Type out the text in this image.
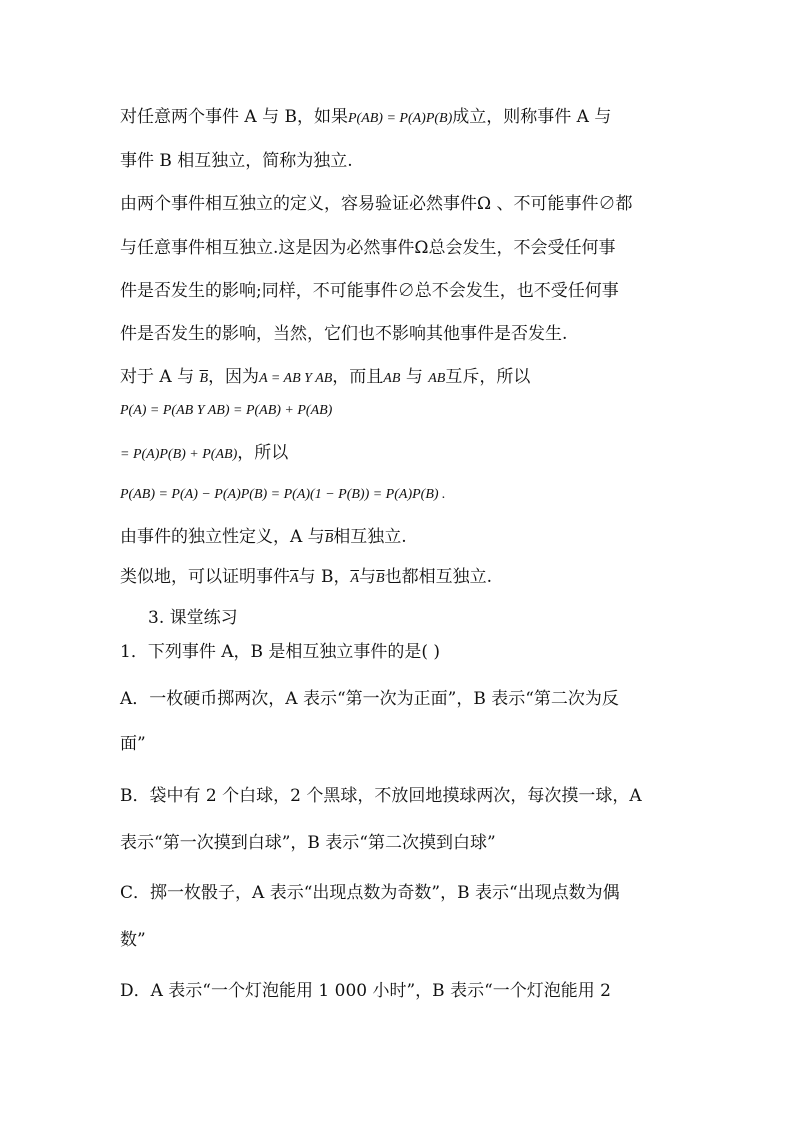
对任意两个事件 A 与 B，如果P(AB) = P(A)P(B)成立，则称事件 A 与
事件 B 相互独立，简称为独立.
由两个事件相互独立的定义，容易验证必然事件Ω 、不可能事件∅都
与任意事件相互独立.这是因为必然事件Ω总会发生，不会受任何事
件是否发生的影响;同样，不可能事件∅总不会发生，也不受任何事
件是否发生的影响，当然，它们也不影响其他事件是否发生.
对于 A 与 $\overline{B}$，因为A = AB Y AB，而且AB 与 AB互斥，所以
P(A) = P(AB Y AB) = P(AB) + P(AB)
= P(A)P(B) + P(AB)，所以
P(AB) = P(A) − P(A)P(B) = P(A)(1 − P(B)) = P(A)P(B) .
由事件的独立性定义，A 与$\overline{B}$相互独立.
类似地，可以证明事件$\overline{A}$与 B，$\overline{A}$与$\overline{B}$也都相互独立.
3. 课堂练习
1．下列事件 A，B 是相互独立事件的是( )
A．一枚硬币掷两次，A 表示“第一次为正面”，B 表示“第二次为反
面”
B．袋中有 2 个白球，2 个黑球，不放回地摸球两次，每次摸一球，A
表示“第一次摸到白球”，B 表示“第二次摸到白球”
C．掷一枚骰子，A 表示“出现点数为奇数”，B 表示“出现点数为偶
数”
D．A 表示“一个灯泡能用 1 000 小时”，B 表示“一个灯泡能用 2
